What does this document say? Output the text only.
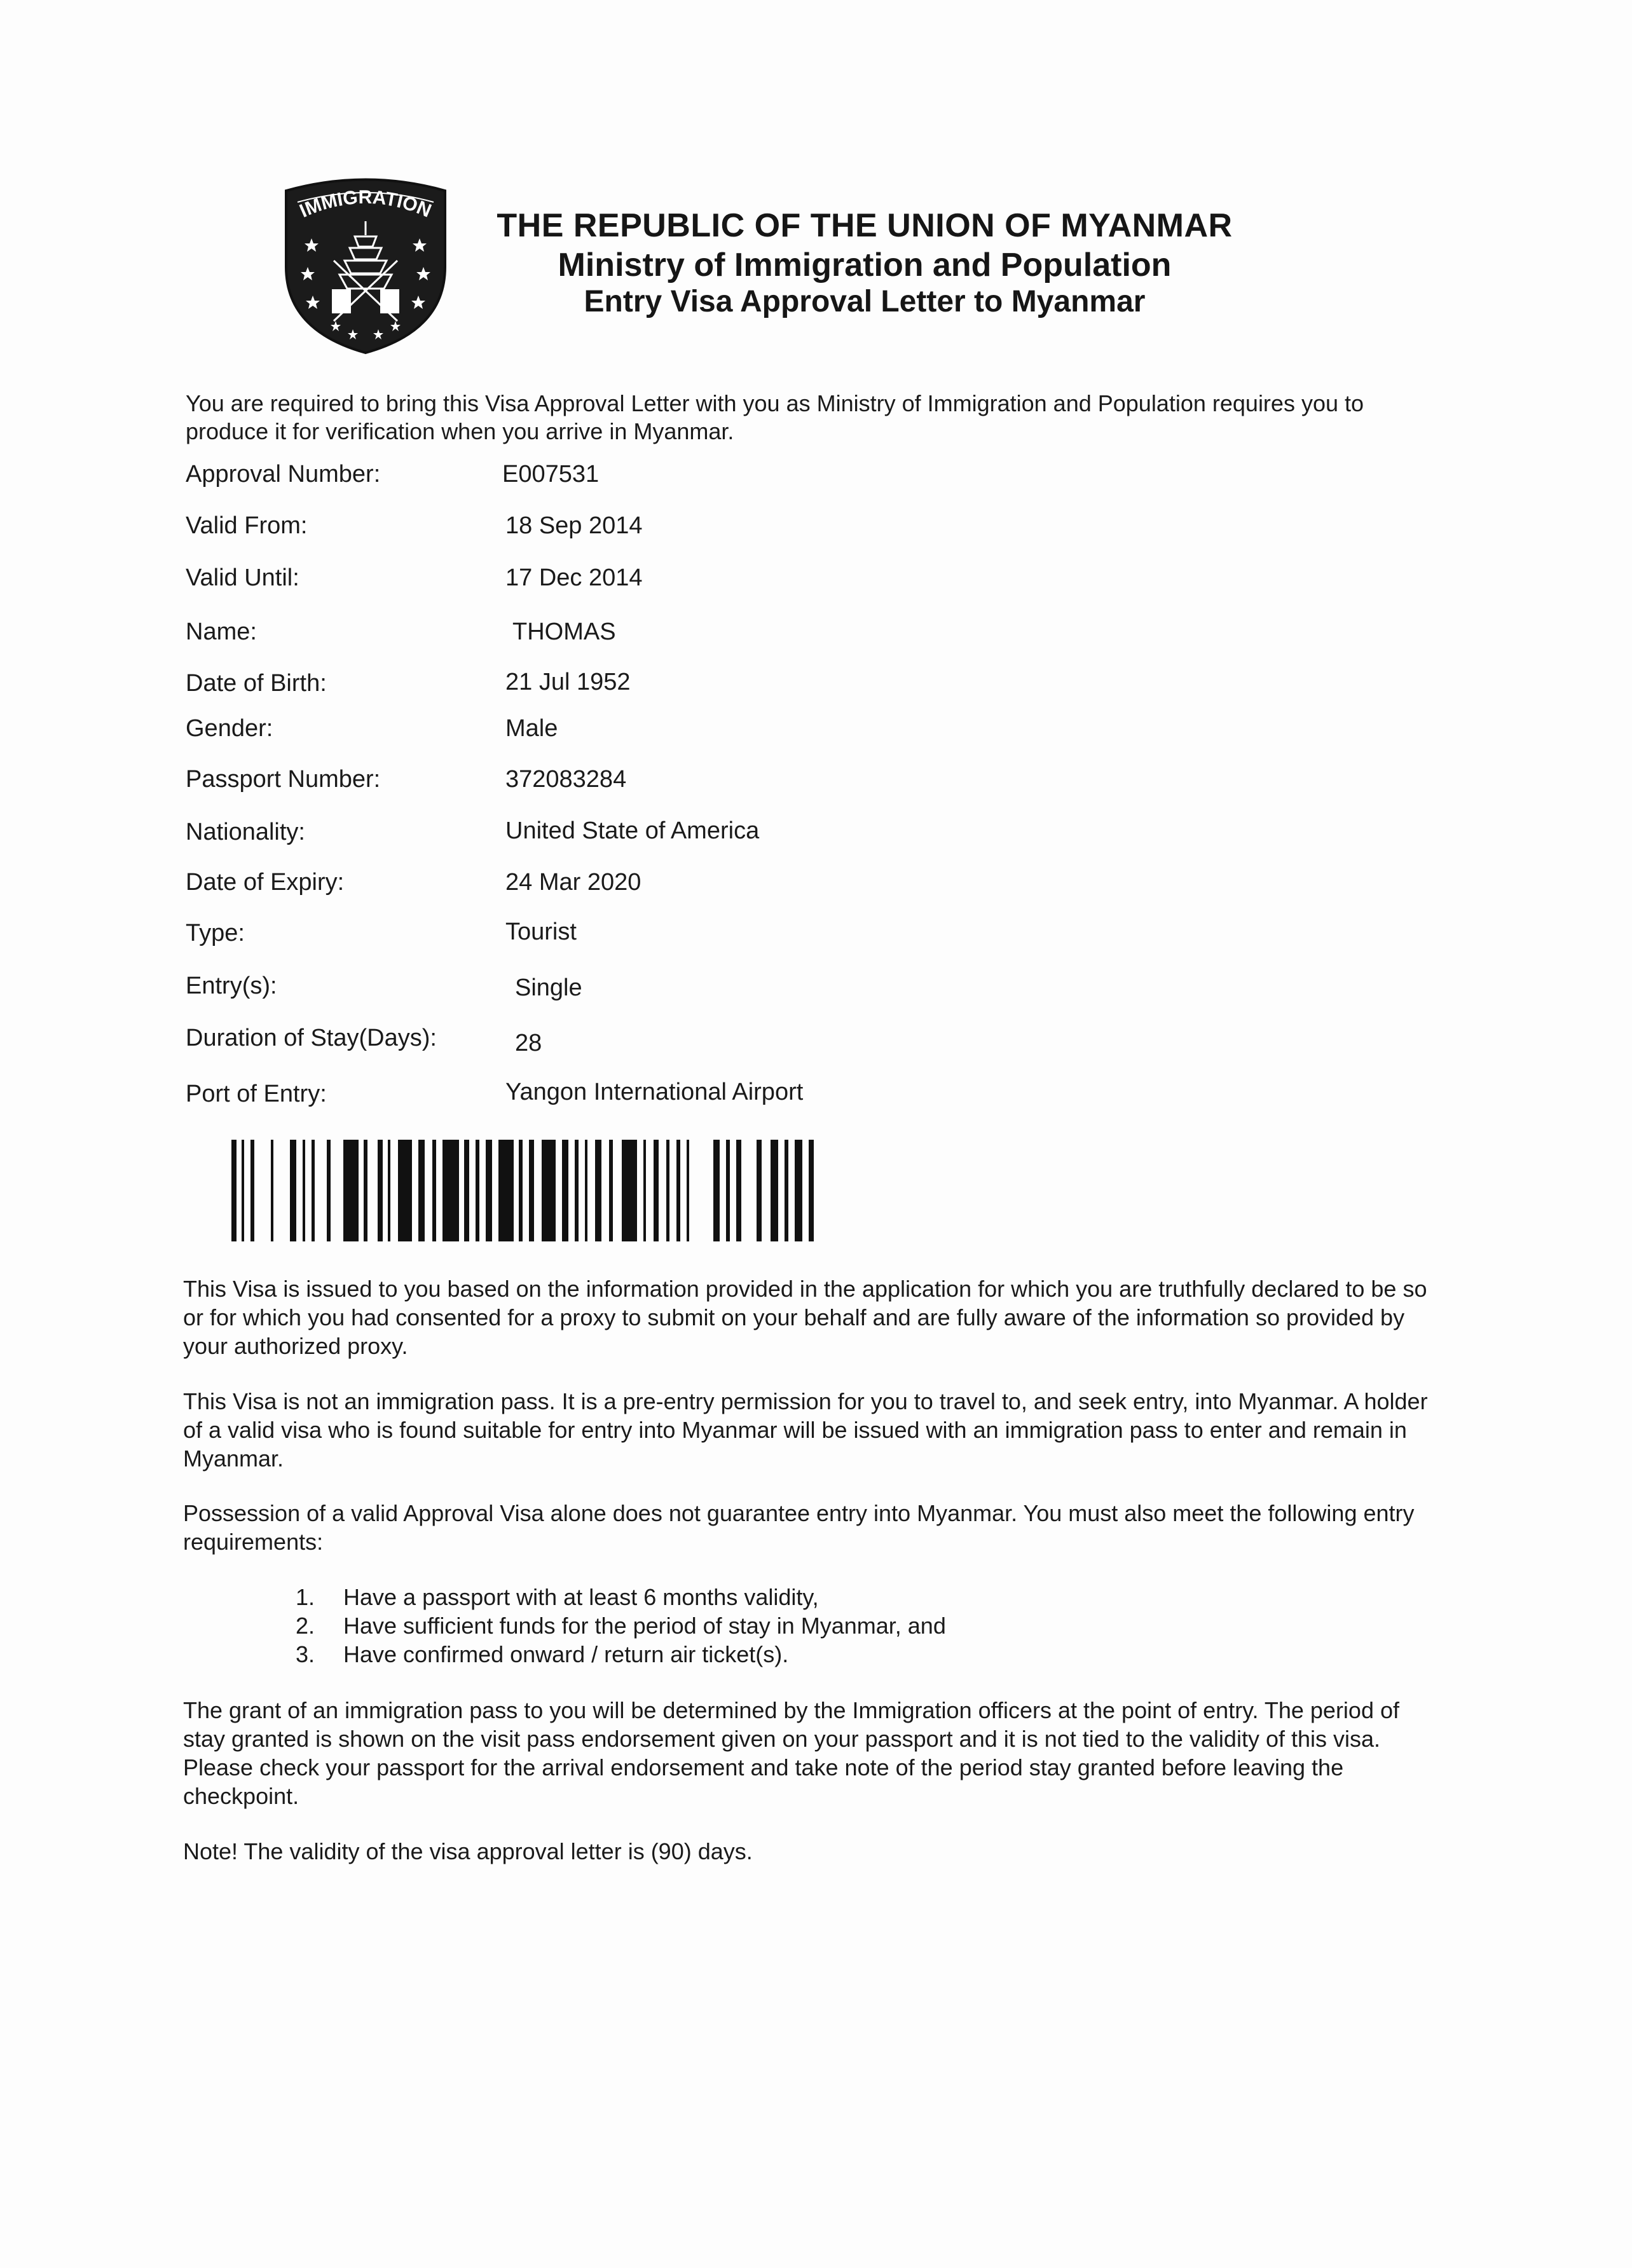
IMMIGRATION	THE REPUBLIC OF THE UNION OF MYANMAR
Ministry of Immigration and Population
Entry Visa Approval Letter to Myanmar

You are required to bring this Visa Approval Letter with you as Ministry of Immigration and Population requires you to produce it for verification when you arrive in Myanmar.

Approval Number:	E007531
Valid From:	18 Sep 2014
Valid Until:	17 Dec 2014
Name:	THOMAS
Date of Birth:	21 Jul 1952
Gender:	Male
Passport Number:	372083284
Nationality:	United State of America
Date of Expiry:	24 Mar 2020
Type:	Tourist
Entry(s):	Single
Duration of Stay(Days):	28
Port of Entry:	Yangon International Airport

This Visa is issued to you based on the information provided in the application for which you are truthfully declared to be so or for which you had consented for a proxy to submit on your behalf and are fully aware of the information so provided by your authorized proxy.

This Visa is not an immigration pass. It is a pre-entry permission for you to travel to, and seek entry, into Myanmar. A holder of a valid visa who is found suitable for entry into Myanmar will be issued with an immigration pass to enter and remain in Myanmar.

Possession of a valid Approval Visa alone does not guarantee entry into Myanmar. You must also meet the following entry requirements:

1.	Have a passport with at least 6 months validity,
2.	Have sufficient funds for the period of stay in Myanmar, and
3.	Have confirmed onward / return air ticket(s).

The grant of an immigration pass to you will be determined by the Immigration officers at the point of entry. The period of stay granted is shown on the visit pass endorsement given on your passport and it is not tied to the validity of this visa. Please check your passport for the arrival endorsement and take note of the period stay granted before leaving the checkpoint.

Note! The validity of the visa approval letter is (90) days.
